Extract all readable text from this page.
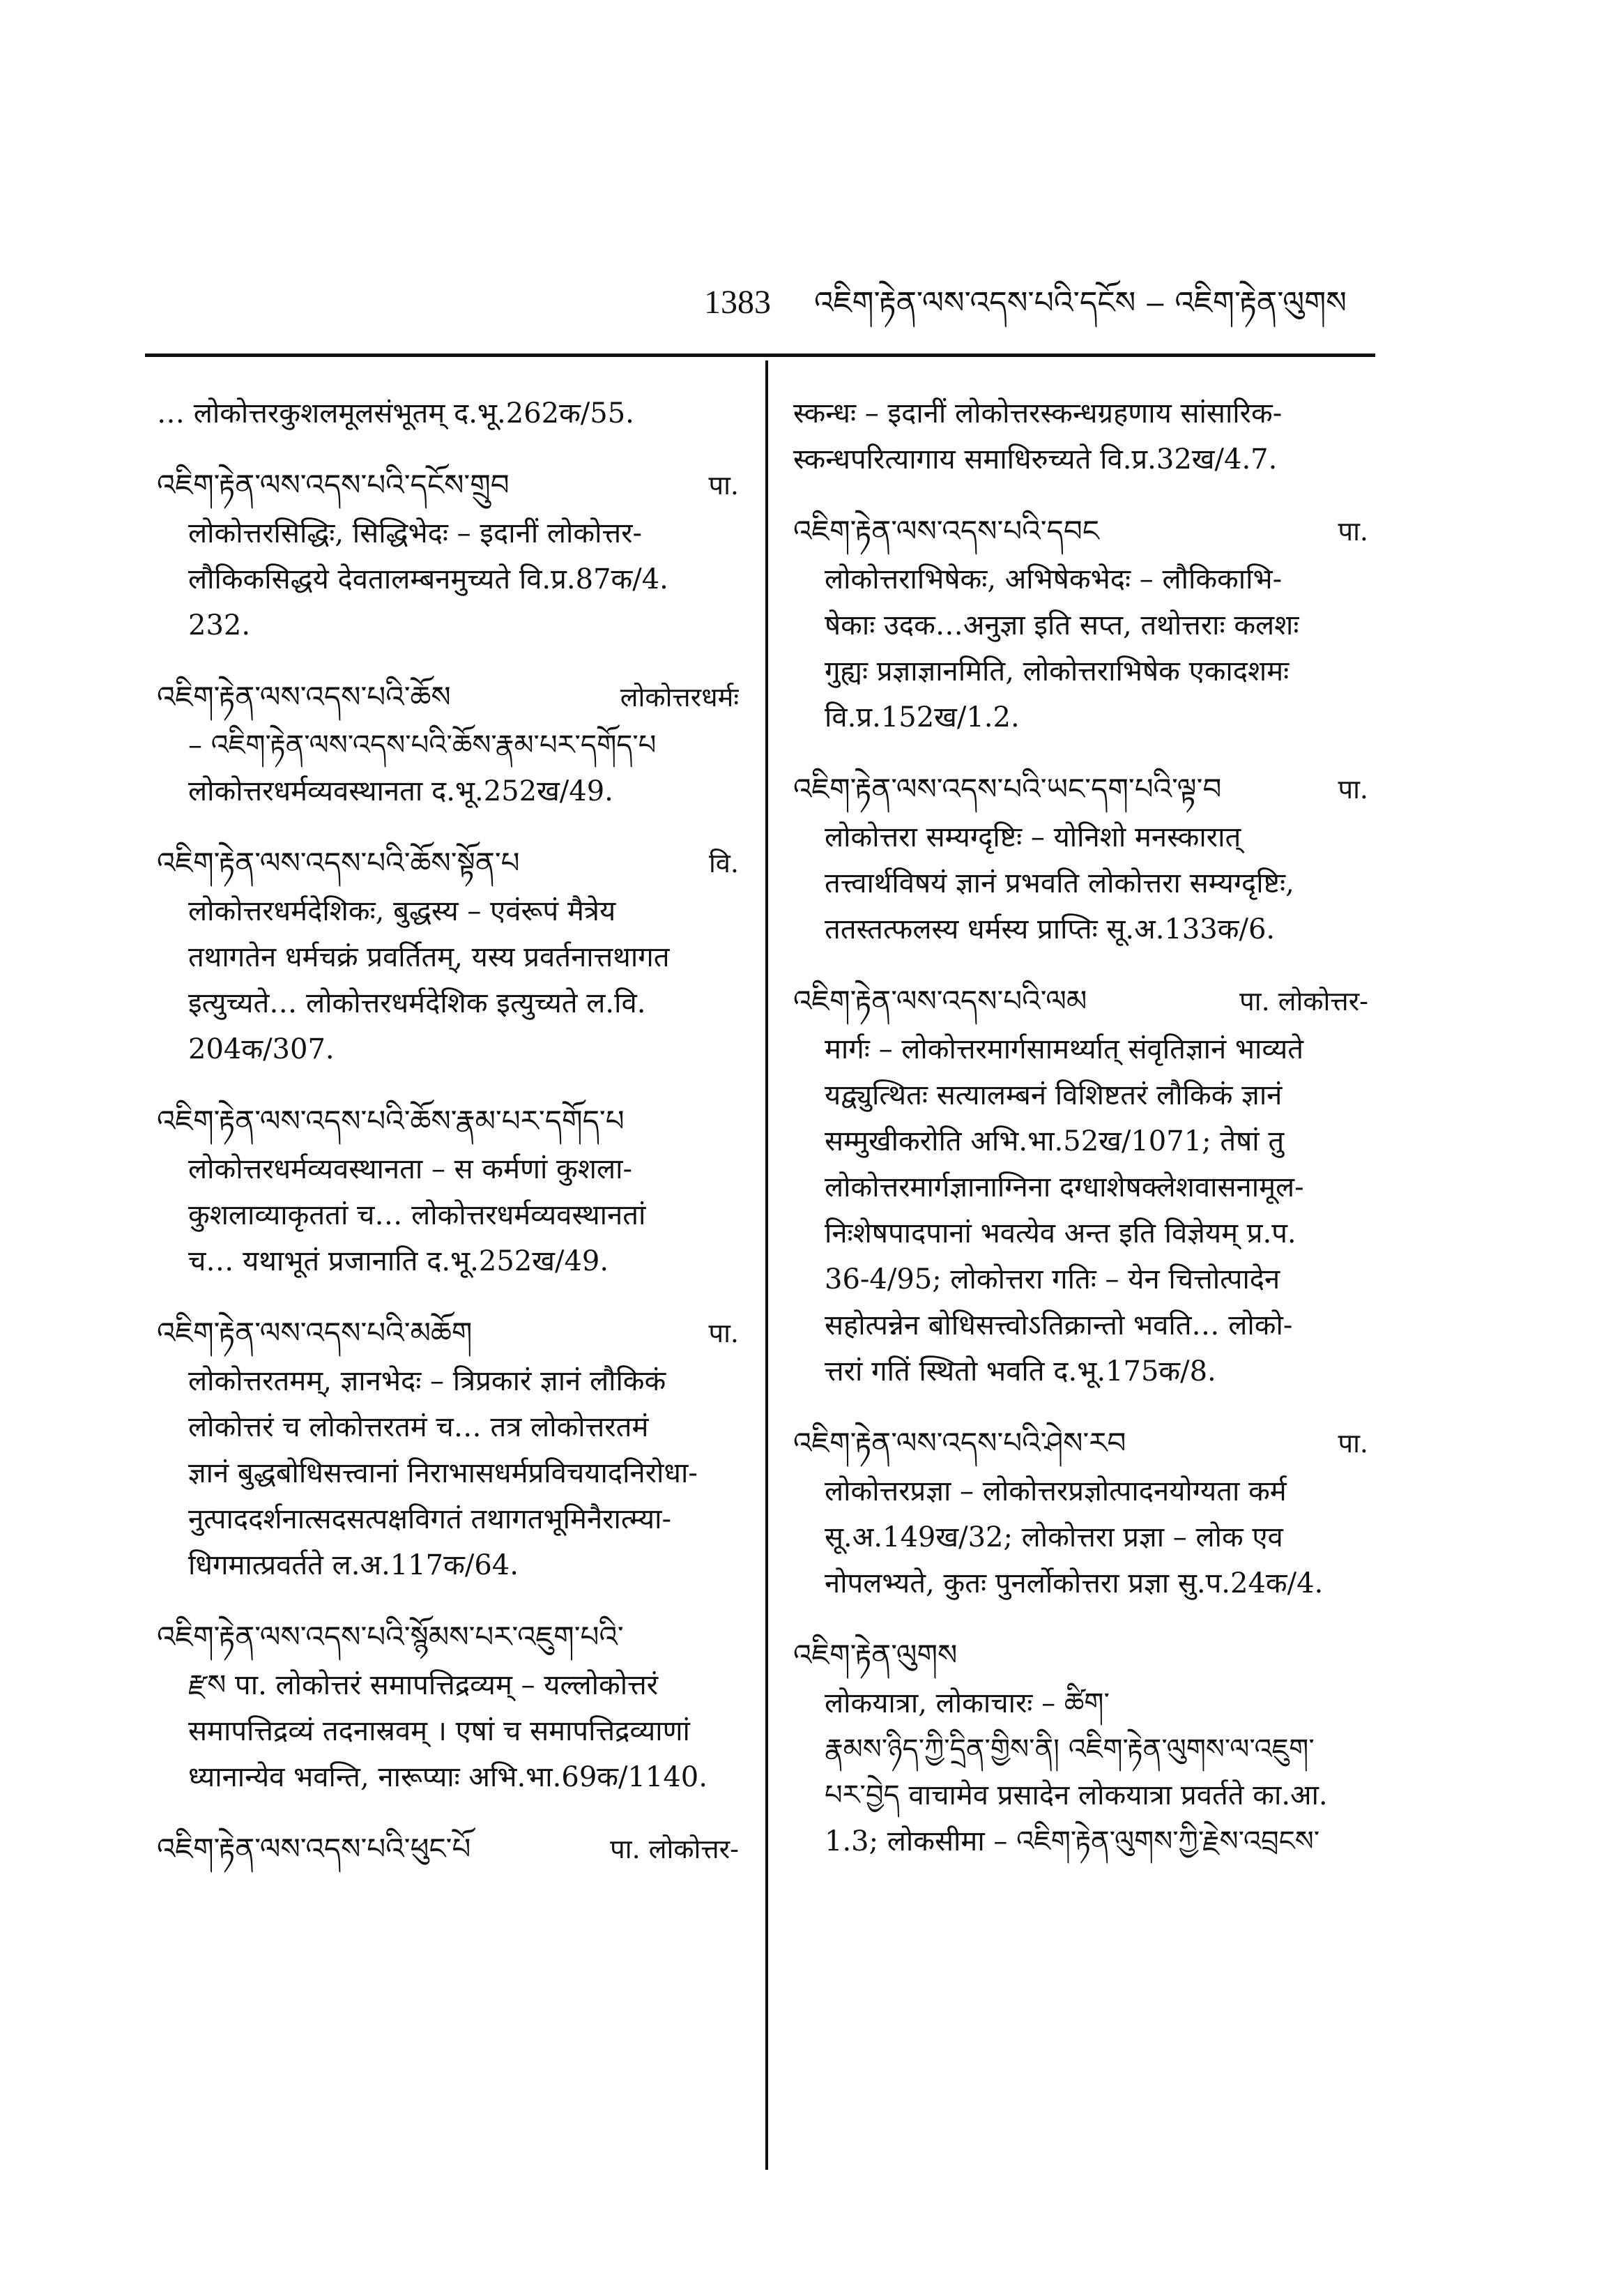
1383 འཇིག་རྟེན་ལས་འདས་པའི་དངོས ‒ འཇིག་རྟེན་ལུགས
… लोकोत्तरकुशलमूलसंभूतम् द.भू.262क/55.
འཇིག་རྟེན་ལས་འདས་པའི་དངོས་གྲུབ	पा.
लोकोत्तरसिद्धिः, सिद्धिभेदः – इदानीं लोकोत्तर-
लौकिकसिद्धये देवतालम्बनमुच्यते वि.प्र.87क/4.
232.
འཇིག་རྟེན་ལས་འདས་པའི་ཆོས	लोकोत्तरधर्मः
– འཇིག་རྟེན་ལས་འདས་པའི་ཆོས་རྣམ་པར་དགོད་པ
लोकोत्तरधर्मव्यवस्थानता द.भू.252ख/49.
འཇིག་རྟེན་ལས་འདས་པའི་ཆོས་སྟོན་པ	वि.
लोकोत्तरधर्मदेशिकः, बुद्धस्य – एवंरूपं मैत्रेय
तथागतेन धर्मचक्रं प्रवर्तितम्, यस्य प्रवर्तनात्तथागत
इत्युच्यते… लोकोत्तरधर्मदेशिक इत्युच्यते ल.वि.
204क/307.
འཇིག་རྟེན་ལས་འདས་པའི་ཆོས་རྣམ་པར་དགོད་པ
लोकोत्तरधर्मव्यवस्थानता – स कर्मणां कुशला-
कुशलाव्याकृततां च… लोकोत्तरधर्मव्यवस्थानतां
च… यथाभूतं प्रजानाति द.भू.252ख/49.
འཇིག་རྟེན་ལས་འདས་པའི་མཆོག	पा.
लोकोत्तरतमम्, ज्ञानभेदः – त्रिप्रकारं ज्ञानं लौकिकं
लोकोत्तरं च लोकोत्तरतमं च… तत्र लोकोत्तरतमं
ज्ञानं बुद्धबोधिसत्त्वानां निराभासधर्मप्रविचयादनिरोधा-
नुत्पाददर्शनात्सदसत्पक्षविगतं तथागतभूमिनैरात्म्या-
धिगमात्प्रवर्तते ल.अ.117क/64.
འཇིག་རྟེན་ལས་འདས་པའི་སྙོམས་པར་འཇུག་པའི་
རྫས पा. लोकोत्तरं समापत्तिद्रव्यम् – यल्लोकोत्तरं
समापत्तिद्रव्यं तदनास्रवम् । एषां च समापत्तिद्रव्याणां
ध्यानान्येव भवन्ति, नारूप्याः अभि.भा.69क/1140.
འཇིག་རྟེན་ལས་འདས་པའི་ཕུང་པོ	पा. लोकोत्तर-
स्कन्धः – इदानीं लोकोत्तरस्कन्धग्रहणाय सांसारिक-
स्कन्धपरित्यागाय समाधिरुच्यते वि.प्र.32ख/4.7.
འཇིག་རྟེན་ལས་འདས་པའི་དབང	पा.
लोकोत्तराभिषेकः, अभिषेकभेदः – लौकिकाभि-
षेकाः उदक…अनुज्ञा इति सप्त, तथोत्तराः कलशः
गुह्यः प्रज्ञाज्ञानमिति, लोकोत्तराभिषेक एकादशमः
वि.प्र.152ख/1.2.
འཇིག་རྟེན་ལས་འདས་པའི་ཡང་དག་པའི་ལྟ་བ	पा.
लोकोत्तरा सम्यग्दृष्टिः – योनिशो मनस्कारात्
तत्त्वार्थविषयं ज्ञानं प्रभवति लोकोत्तरा सम्यग्दृष्टिः,
ततस्तत्फलस्य धर्मस्य प्राप्तिः सू.अ.133क/6.
འཇིག་རྟེན་ལས་འདས་པའི་ལམ	पा. लोकोत्तर-
मार्गः – लोकोत्तरमार्गसामर्थ्यात् संवृतिज्ञानं भाव्यते
यद्व्युत्थितः सत्यालम्बनं विशिष्टतरं लौकिकं ज्ञानं
सम्मुखीकरोति अभि.भा.52ख/1071; तेषां तु
लोकोत्तरमार्गज्ञानाग्निना दग्धाशेषक्लेशवासनामूल-
निःशेषपादपानां भवत्येव अन्त इति विज्ञेयम् प्र.प.
36-4/95; लोकोत्तरा गतिः – येन चित्तोत्पादेन
सहोत्पन्नेन बोधिसत्त्वोऽतिक्रान्तो भवति… लोको-
त्तरां गतिं स्थितो भवति द.भू.175क/8.
འཇིག་རྟེན་ལས་འདས་པའི་ཤེས་རབ	पा.
लोकोत्तरप्रज्ञा – लोकोत्तरप्रज्ञोत्पादनयोग्यता कर्म
सू.अ.149ख/32; लोकोत्तरा प्रज्ञा – लोक एव
नोपलभ्यते, कुतः पुनर्लोकोत्तरा प्रज्ञा सु.प.24क/4.
འཇིག་རྟེན་ལུགས
लोकयात्रा, लोकाचारः – ཚིག་
རྣམས་ཉིད་ཀྱི་དྲིན་གྱིས་ནི། འཇིག་རྟེན་ལུགས་ལ་འཇུག་
པར་བྱེད वाचामेव प्रसादेन लोकयात्रा प्रवर्तते का.आ.
1.3; लोकसीमा – འཇིག་རྟེན་ལུགས་ཀྱི་རྗེས་འབྲངས་
